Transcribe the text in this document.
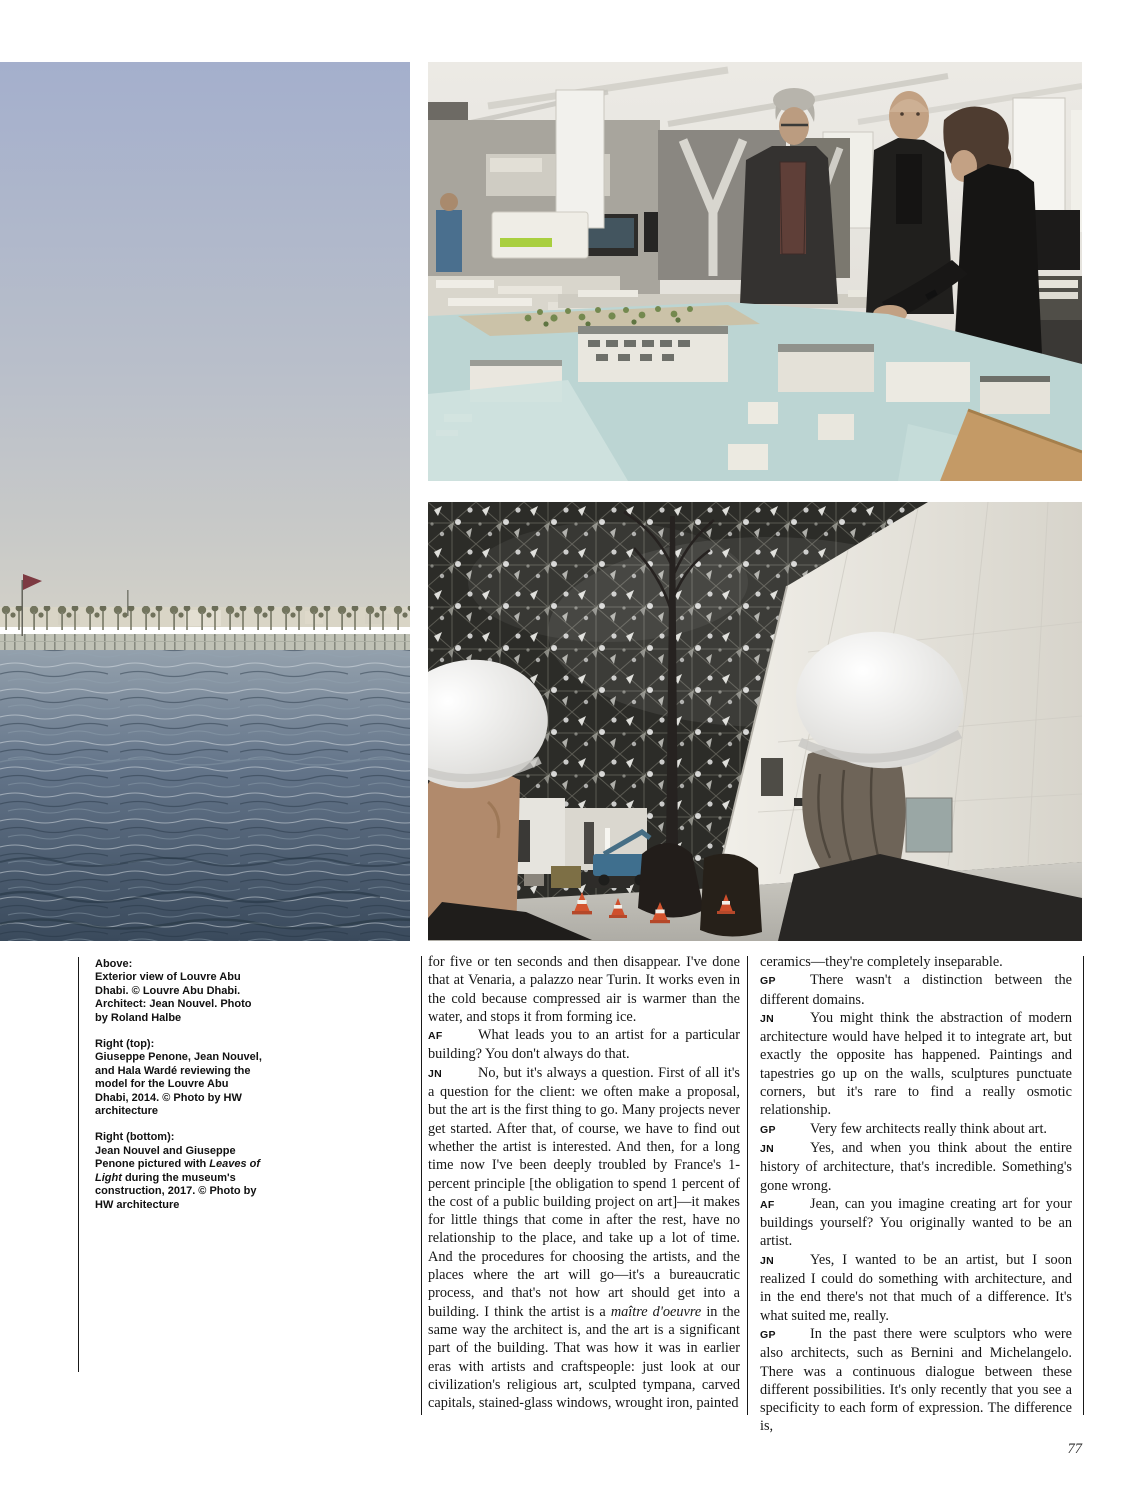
Above:
Exterior view of Louvre Abu Dhabi. © Louvre Abu Dhabi. Architect: Jean Nouvel. Photo by Roland Halbe
Right (top):
Giuseppe Penone, Jean Nouvel, and Hala Wardé reviewing the model for the Louvre Abu Dhabi, 2014. © Photo by HW architecture
Right (bottom):
Jean Nouvel and Giuseppe Penone pictured with Leaves of Light during the museum's construction, 2017. © Photo by HW architecture

for five or ten seconds and then disappear. I've done that at Venaria, a palazzo near Turin. It works even in the cold because compressed air is warmer than the water, and stops it from forming ice.

AF What leads you to an artist for a particular building? You don't always do that.

JN	No, but it's always a question. First of all it's a question for the client: we often make a proposal, but the art is the first thing to go. Many projects never get started. After that, of course, we have to find out whether the artist is interested. And then, for a long time now I've been deeply troubled by France's 1-percent principle [the obligation to spend 1 percent of the cost of a public building project on art]—it makes for little things that come in after the rest, have no relationship to the place, and take up a lot of time. And the procedures for choosing the artists, and the places where the art will go—it's a bureaucratic process, and that's not how art should get into a building. I think the artist is a maître d'oeuvre in the same way the architect is, and the art is a significant part of the building. That was how it was in earlier eras with artists and craftspeople: just look at our civilization's religious art, sculpted tympana, carved capitals, stained-glass windows, wrought iron, painted

ceramics—they're completely inseparable.

GP There wasn't a distinction between the different domains.

JN	You might think the abstraction of modern architecture would have helped it to integrate art, but exactly the opposite has happened. Paintings and tapestries go up on the walls, sculptures punctuate corners, but it's rare to find a really osmotic relationship.

GP Very few architects really think about art.

JN	Yes, and when you think about the entire history of architecture, that's incredible. Something's gone wrong.

AF Jean, can you imagine creating art for your buildings yourself? You originally wanted to be an artist.

JN	Yes, I wanted to be an artist, but I soon realized I could do something with architecture, and in the end there's not that much of a difference. It's what suited me, really.

GP In the past there were sculptors who were also architects, such as Bernini and Michelangelo. There was a continuous dialogue between these different possibilities. It's only recently that you see a specificity to each form of expression. The difference is,

77
